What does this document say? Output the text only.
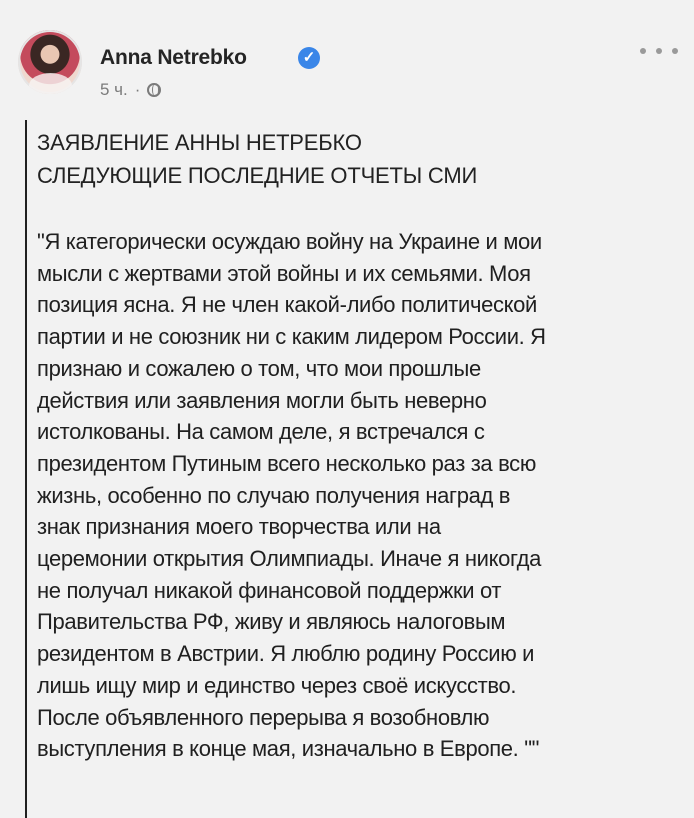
Anna Netrebko	✓
5 ч. ·
ЗАЯВЛЕНИЕ АННЫ НЕТРЕБКО
СЛЕДУЮЩИЕ ПОСЛЕДНИЕ ОТЧЕТЫ СМИ
"Я категорически осуждаю войну на Украине и мои
мысли с жертвами этой войны и их семьями. Моя
позиция ясна. Я не член какой-либо политической
партии и не союзник ни с каким лидером России. Я
признаю и сожалею о том, что мои прошлые
действия или заявления могли быть неверно
истолкованы. На самом деле, я встречался с
президентом Путиным всего несколько раз за всю
жизнь, особенно по случаю получения наград в
знак признания моего творчества или на
церемонии открытия Олимпиады. Иначе я никогда
не получал никакой финансовой поддержки от
Правительства РФ, живу и являюсь налоговым
резидентом в Австрии. Я люблю родину Россию и
лишь ищу мир и единство через своё искусство.
После объявленного перерыва я возобновлю
выступления в конце мая, изначально в Европе. ""
